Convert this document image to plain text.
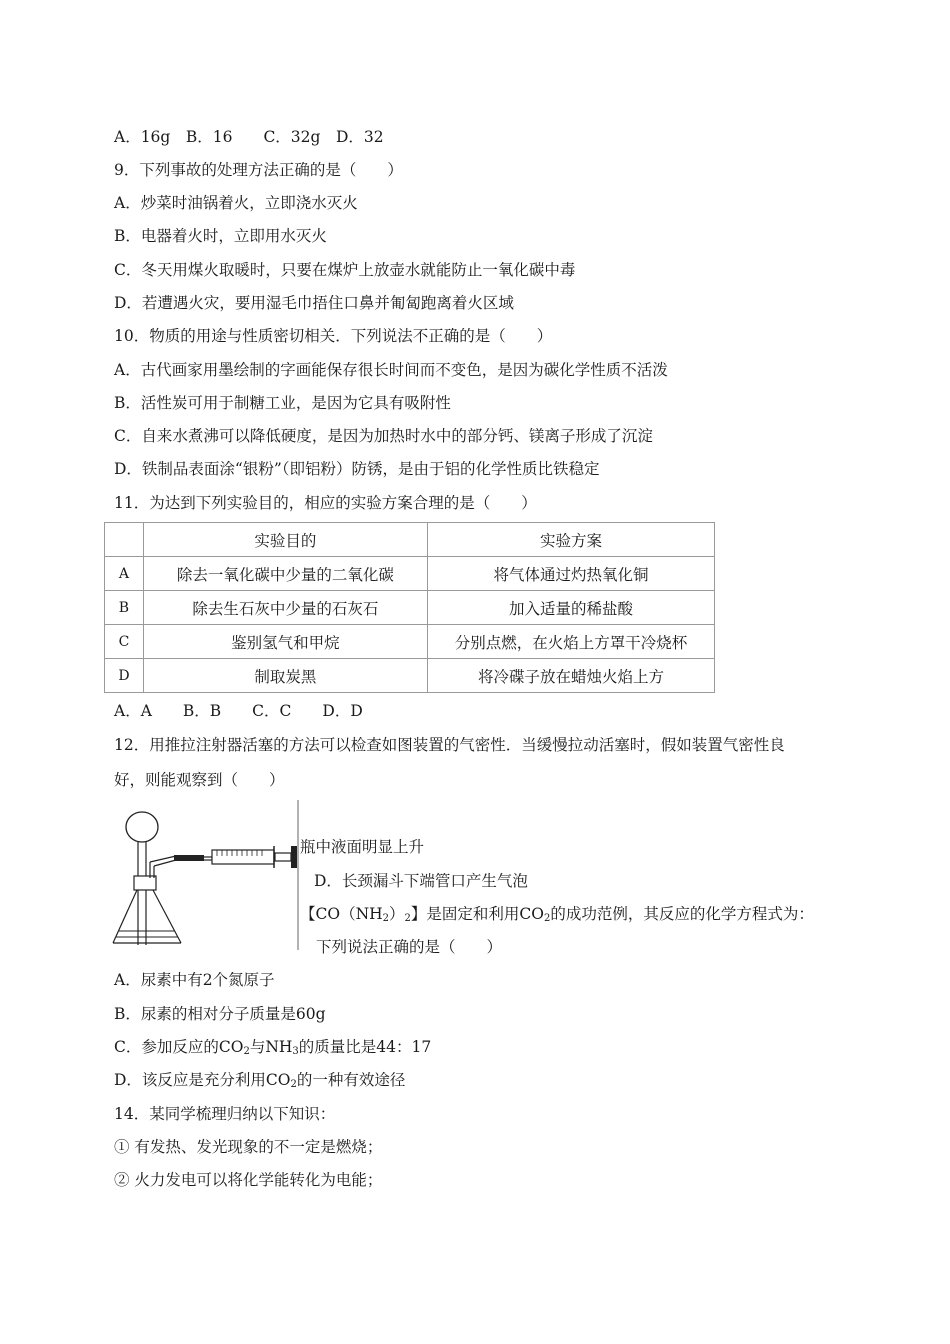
A．16g　B．16　　C．32g　D．32
9．下列事故的处理方法正确的是（　　）
A．炒菜时油锅着火，立即浇水灭火
B．电器着火时，立即用水灭火
C．冬天用煤火取暖时，只要在煤炉上放壶水就能防止一氧化碳中毒
D．若遭遇火灾，要用湿毛巾捂住口鼻并匍匐跑离着火区域
10．物质的用途与性质密切相关．下列说法不正确的是（　　）
A．古代画家用墨绘制的字画能保存很长时间而不变色，是因为碳化学性质不活泼
B．活性炭可用于制糖工业，是因为它具有吸附性
C．自来水煮沸可以降低硬度，是因为加热时水中的部分钙、镁离子形成了沉淀
D．铁制品表面涂“银粉”（即铝粉）防锈，是由于铝的化学性质比铁稳定
11．为达到下列实验目的，相应的实验方案合理的是（　　）
	实验目的	实验方案
A	除去一氧化碳中少量的二氧化碳	将气体通过灼热氧化铜
B	除去生石灰中少量的石灰石	加入适量的稀盐酸
C	鉴别氢气和甲烷	分别点燃，在火焰上方罩干冷烧杯
D	制取炭黑	将冷碟子放在蜡烛火焰上方
A．A　　B．B　　C．C　　D．D
12．用推拉注射器活塞的方法可以检查如图装置的气密性．当缓慢拉动活塞时，假如装置气密性良
好，则能观察到（　　）
瓶中液面明显上升
D．长颈漏斗下端管口产生气泡
【$CO(NH_2)_2$】是固定和利用$CO_2$的成功范例，其反应的化学方程式为：
下列说法正确的是（　　）
A．尿素中有2个氮原子
B．尿素的相对分子质量是60g
C．参加反应的$CO_2$与$NH_3$的质量比是44：17
D．该反应是充分利用$CO_2$的一种有效途径
14．某同学梳理归纳以下知识：
① 有发热、发光现象的不一定是燃烧；
② 火力发电可以将化学能转化为电能；
